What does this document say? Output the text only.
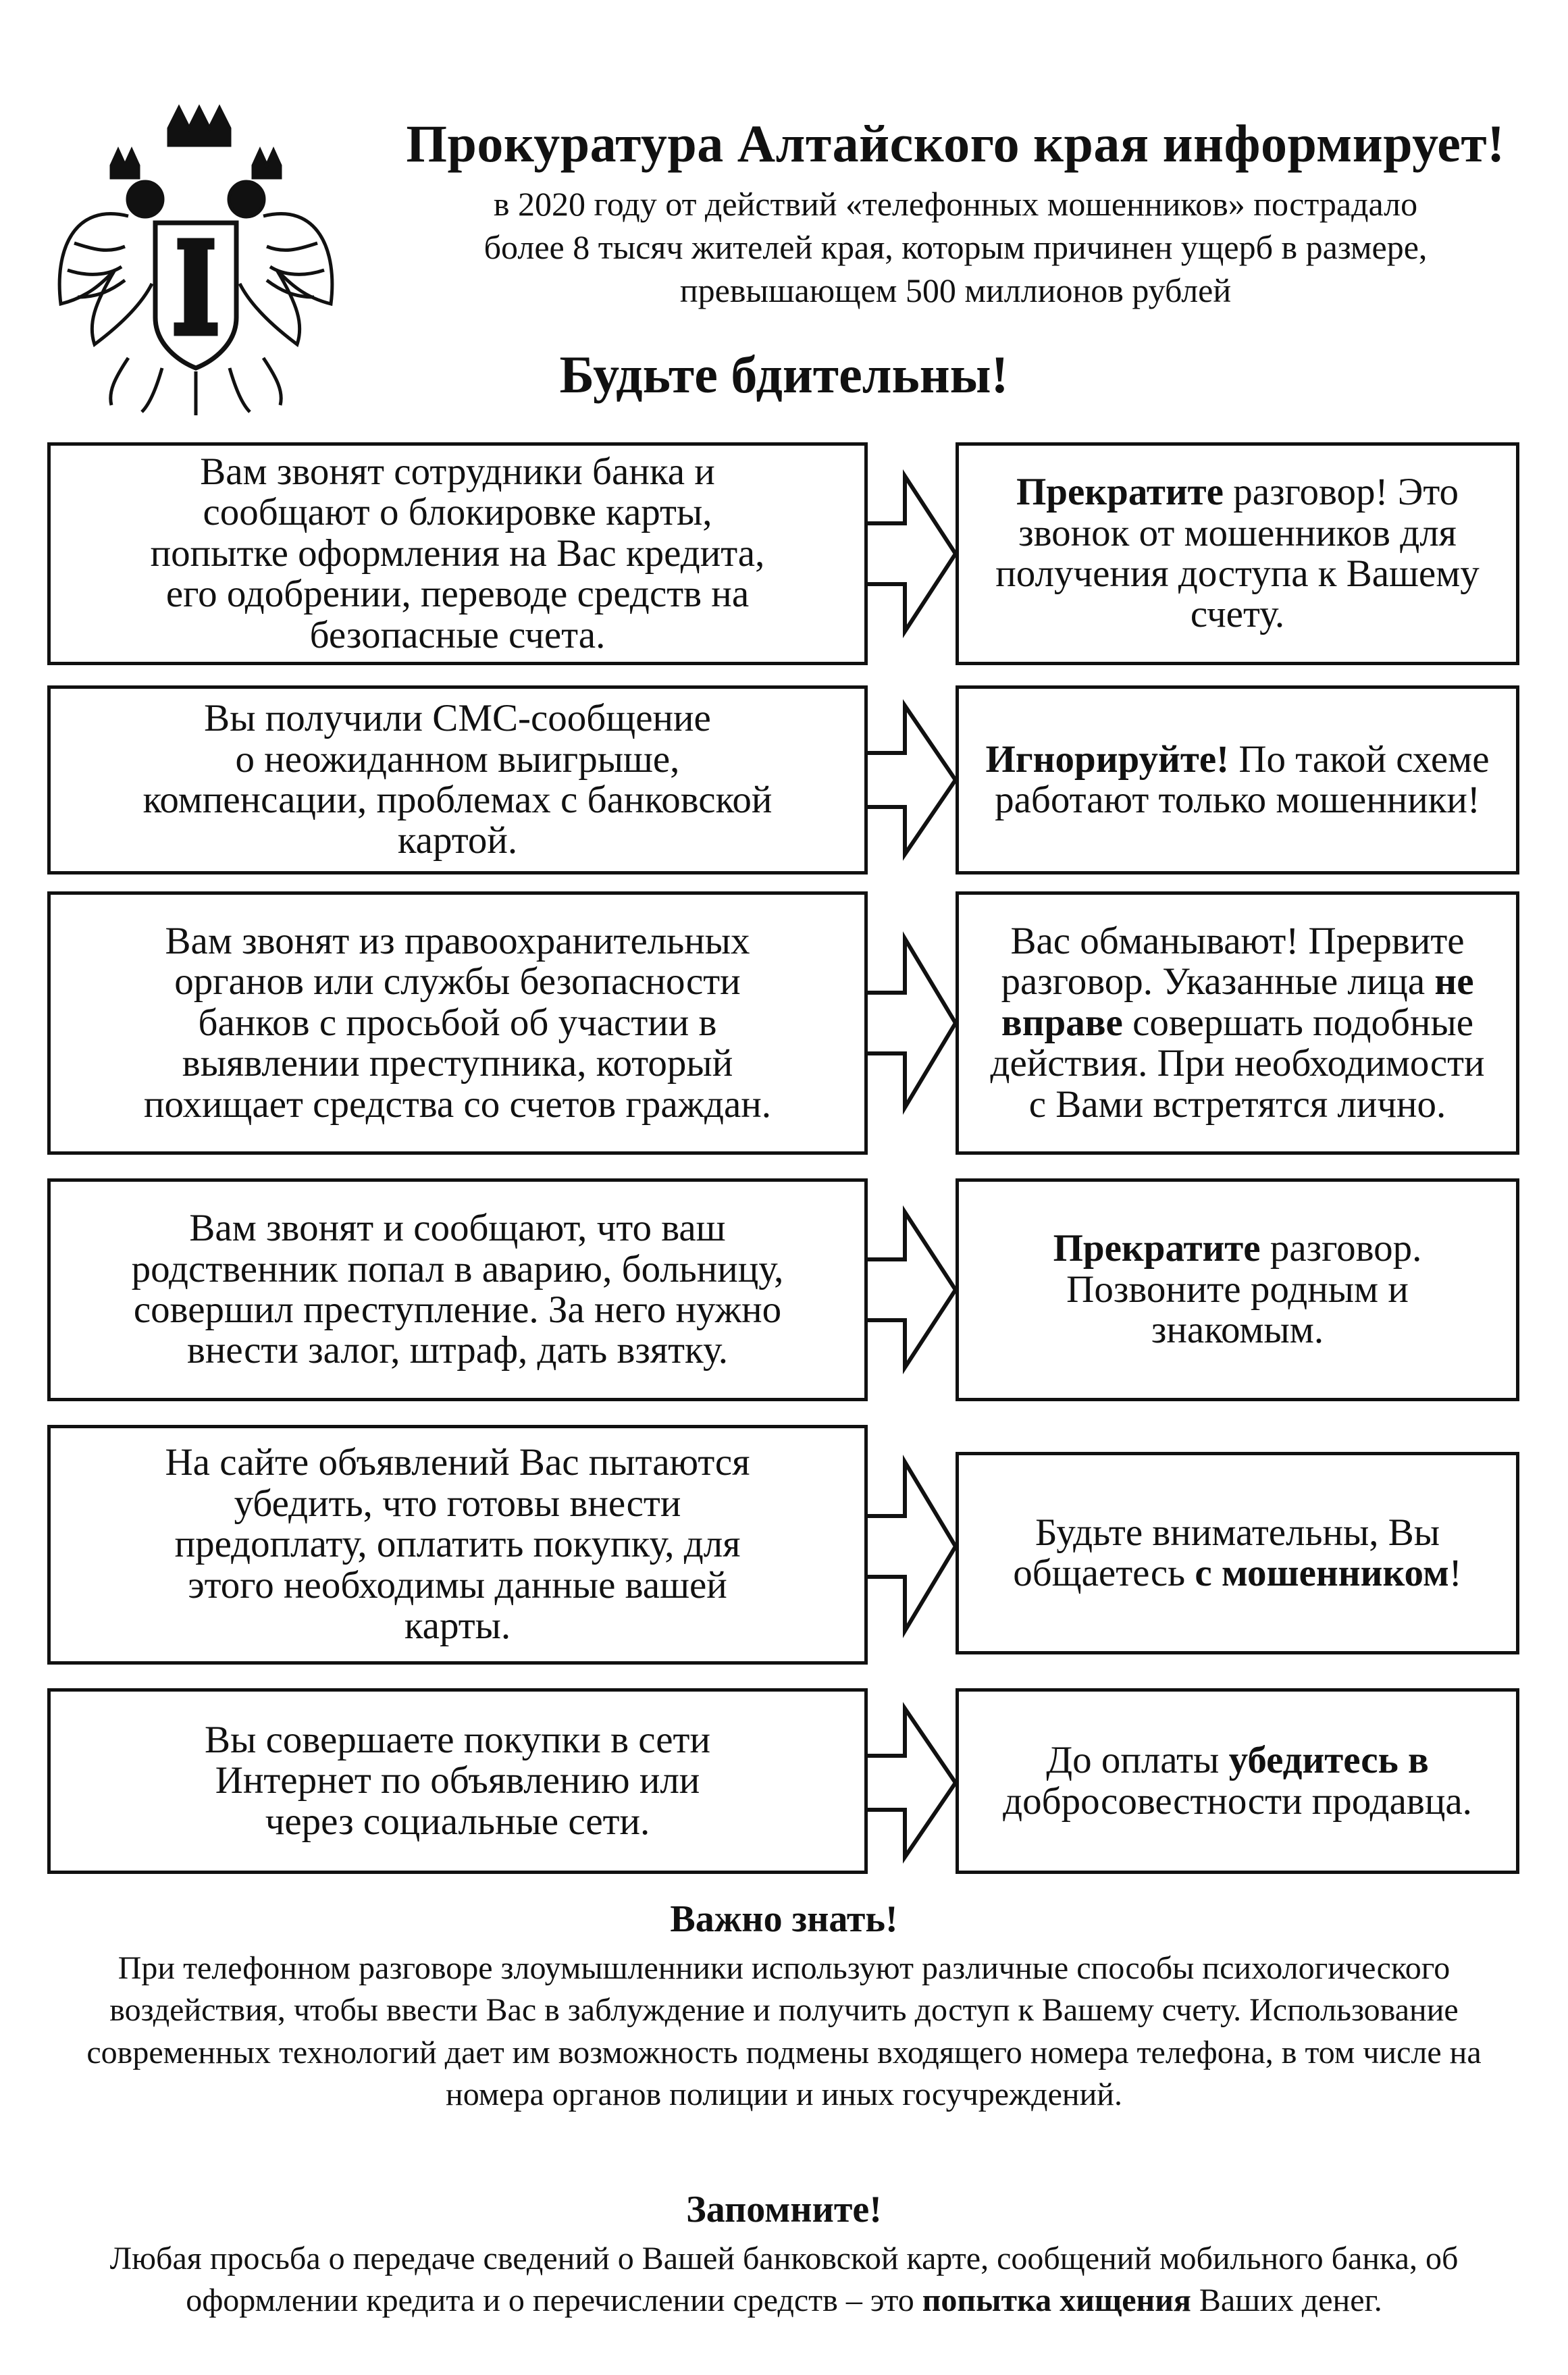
Прокуратура Алтайского края информирует!

в 2020 году от действий «телефонных мошенников» пострадало
более 8 тысяч жителей края, которым причинен ущерб в размере,
превышающем 500 миллионов рублей

Будьте бдительны!
Вам звонят сотрудники банка и
сообщают о блокировке карты,
попытке оформления на Вас кредита,
его одобрении, переводе средств на
безопасные счета.
Прекратите разговор! Это звонок от мошенников для получения доступа к Вашему счету.
Вы получили СМС-сообщение
о неожиданном выигрыше,
компенсации, проблемах с банковской
картой.
Игнорируйте! По такой схеме работают только мошенники!
Вам звонят из правоохранительных
органов или службы безопасности
банков с просьбой об участии в
выявлении преступника, который
похищает средства со счетов граждан.
Вас обманывают! Прервите разговор. Указанные лица не вправе совершать подобные действия. При необходимости с Вами встретятся лично.
Вам звонят и сообщают, что ваш
родственник попал в аварию, больницу,
совершил преступление. За него нужно
внести залог, штраф, дать взятку.
Прекратите разговор. Позвоните родным и знакомым.
На сайте объявлений Вас пытаются
убедить, что готовы внести
предоплату, оплатить покупку, для
этого необходимы данные вашей
карты.
Будьте внимательны, Вы общаетесь с мошенником!
Вы совершаете покупки в сети
Интернет по объявлению или
через социальные сети.
До оплаты убедитесь в добросовестности продавца.
Важно знать!

При телефонном разговоре злоумышленники используют различные способы психологического воздействия, чтобы ввести Вас в заблуждение и получить доступ к Вашему счету. Использование современных технологий дает им возможность подмены входящего номера телефона, в том числе на номера органов полиции и иных госучреждений.

Запомните!

Любая просьба о передаче сведений о Вашей банковской карте, сообщений мобильного банка, об оформлении кредита и о перечислении средств – это попытка хищения Ваших денег.
